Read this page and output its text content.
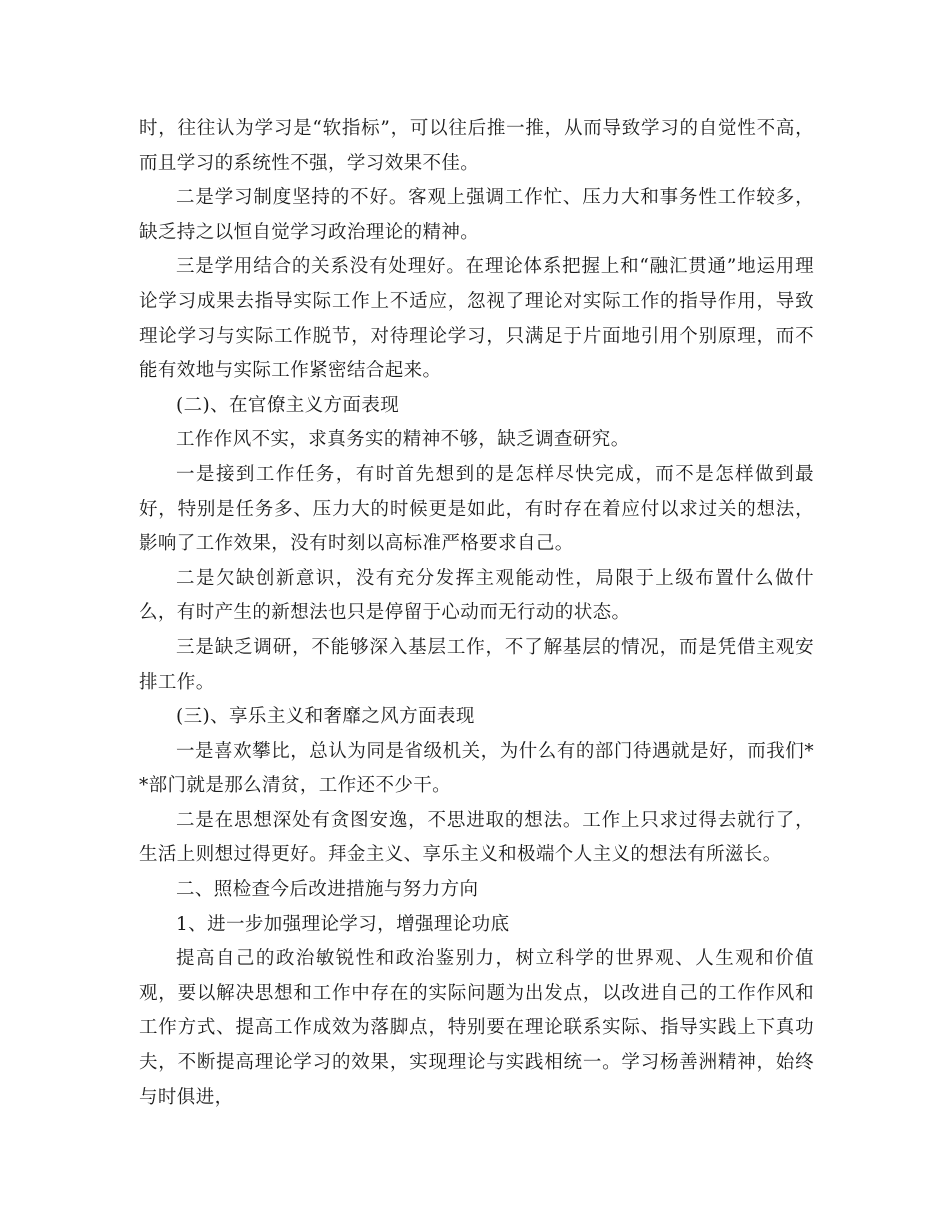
时，往往认为学习是“软指标”，可以往后推一推，从而导致学习的自觉性不高，而且学习的系统性不强，学习效果不佳。

二是学习制度坚持的不好。客观上强调工作忙、压力大和事务性工作较多，缺乏持之以恒自觉学习政治理论的精神。

三是学用结合的关系没有处理好。在理论体系把握上和“融汇贯通”地运用理论学习成果去指导实际工作上不适应，忽视了理论对实际工作的指导作用，导致理论学习与实际工作脱节，对待理论学习，只满足于片面地引用个别原理，而不能有效地与实际工作紧密结合起来。

(二)、在官僚主义方面表现

工作作风不实，求真务实的精神不够，缺乏调查研究。

一是接到工作任务，有时首先想到的是怎样尽快完成，而不是怎样做到最好，特别是任务多、压力大的时候更是如此，有时存在着应付以求过关的想法，影响了工作效果，没有时刻以高标准严格要求自己。

二是欠缺创新意识，没有充分发挥主观能动性，局限于上级布置什么做什么，有时产生的新想法也只是停留于心动而无行动的状态。

三是缺乏调研，不能够深入基层工作，不了解基层的情况，而是凭借主观安排工作。

(三)、享乐主义和奢靡之风方面表现

一是喜欢攀比，总认为同是省级机关，为什么有的部门待遇就是好，而我们**部门就是那么清贫，工作还不少干。

二是在思想深处有贪图安逸，不思进取的想法。工作上只求过得去就行了，生活上则想过得更好。拜金主义、享乐主义和极端个人主义的想法有所滋长。

二、照检查今后改进措施与努力方向

1、进一步加强理论学习，增强理论功底

提高自己的政治敏锐性和政治鉴别力，树立科学的世界观、人生观和价值观，要以解决思想和工作中存在的实际问题为出发点，以改进自己的工作作风和工作方式、提高工作成效为落脚点，特别要在理论联系实际、指导实践上下真功夫，不断提高理论学习的效果，实现理论与实践相统一。学习杨善洲精神，始终与时俱进，
